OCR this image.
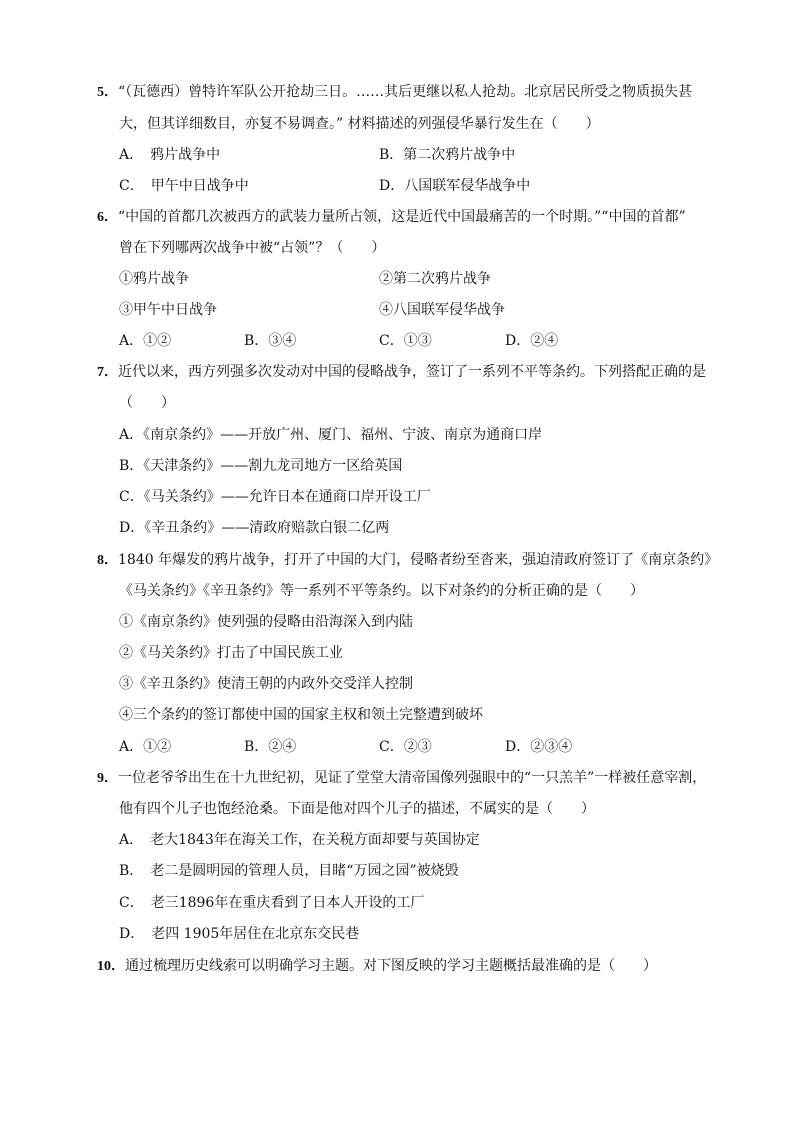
5．“（瓦德西）曾特许军队公开抢劫三日。……其后更继以私人抢劫。北京居民所受之物质损失甚
大，但其详细数目，亦复不易调查。” 材料描述的列强侵华暴行发生在（　　）
A．　鸦片战争中	B．第二次鸦片战争中
C．　甲午中日战争中	D．八国联军侵华战争中
6．“中国的首都几次被西方的武装力量所占领，这是近代中国最痛苦的一个时期。”“中国的首都”
曾在下列哪两次战争中被“占领”？（　　）
①鸦片战争	②第二次鸦片战争
③甲午中日战争	④八国联军侵华战争
A．①②	B．③④	C．①③	D．②④
7．近代以来，西方列强多次发动对中国的侵略战争，签订了一系列不平等条约。下列搭配正确的是
（　　）
A．《南京条约》——开放广州、厦门、福州、宁波、南京为通商口岸
B．《天津条约》——割九龙司地方一区给英国
C．《马关条约》——允许日本在通商口岸开设工厂
D．《辛丑条约》——清政府赔款白银二亿两
8．1840 年爆发的鸦片战争，打开了中国的大门，侵略者纷至沓来，强迫清政府签订了《南京条约》
《马关条约》《辛丑条约》等一系列不平等条约。以下对条约的分析正确的是（　　）
①《南京条约》使列强的侵略由沿海深入到内陆
②《马关条约》打击了中国民族工业
③《辛丑条约》使清王朝的内政外交受洋人控制
④三个条约的签订都使中国的国家主权和领土完整遭到破坏
A．①②	B．②④	C．②③	D．②③④
9．一位老爷爷出生在十九世纪初，见证了堂堂大清帝国像列强眼中的“一只羔羊”一样被任意宰割，
他有四个儿子也饱经沧桑。下面是他对四个儿子的描述，不属实的是（　　）
A．　老大1843年在海关工作，在关税方面却要与英国协定
B．　老二是圆明园的管理人员，目睹“万园之园”被烧毁
C．　老三1896年在重庆看到了日本人开设的工厂
D．　老四 1905年居住在北京东交民巷
10．通过梳理历史线索可以明确学习主题。对下图反映的学习主题概括最准确的是（　　）
